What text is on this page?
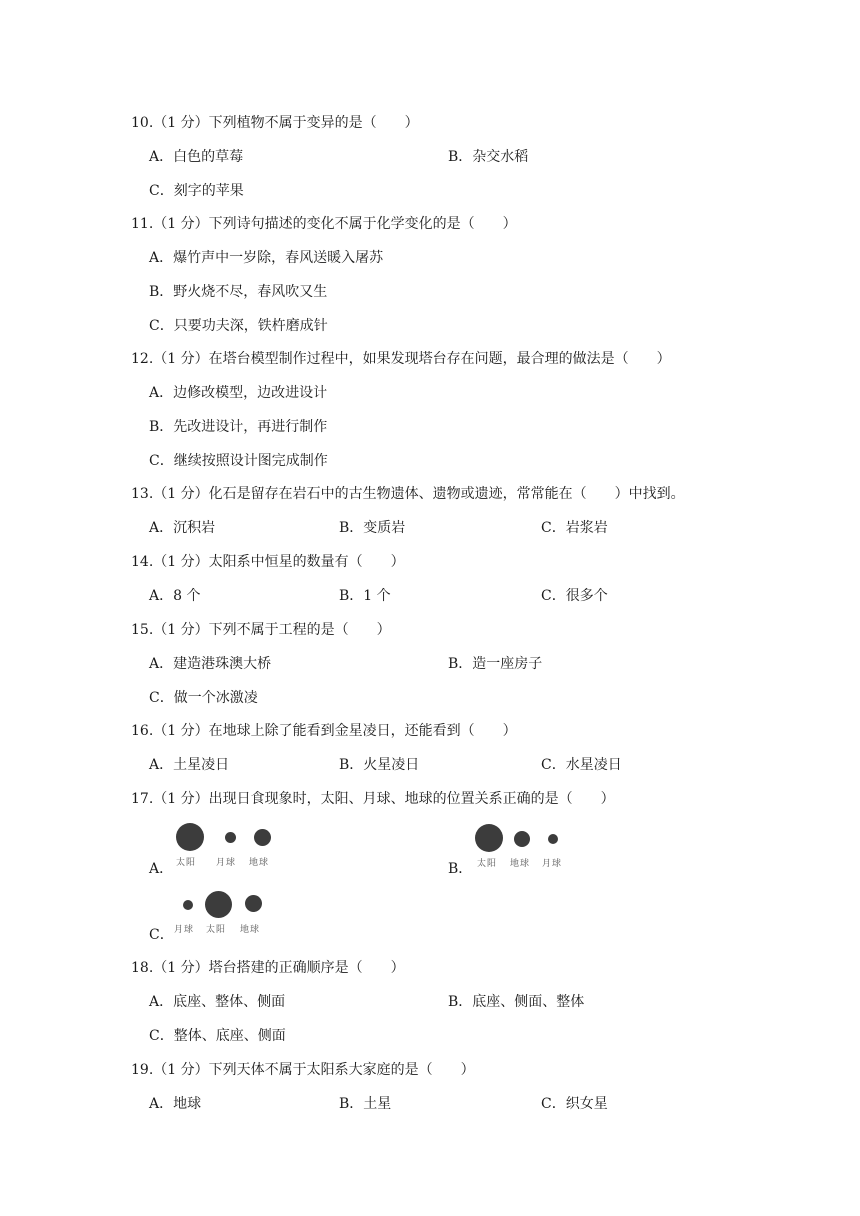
10.（1 分）下列植物不属于变异的是（　　）
A．白色的草莓	B．杂交水稻
C．刻字的苹果
11.（1 分）下列诗句描述的变化不属于化学变化的是（　　）
A．爆竹声中一岁除，春风送暖入屠苏
B．野火烧不尽，春风吹又生
C．只要功夫深，铁杵磨成针
12.（1 分）在塔台模型制作过程中，如果发现塔台存在问题，最合理的做法是（　　）
A．边修改模型，边改进设计
B．先改进设计，再进行制作
C．继续按照设计图完成制作
13.（1 分）化石是留存在岩石中的古生物遗体、遗物或遗迹，常常能在（　　）中找到。
A．沉积岩	B．变质岩	C．岩浆岩
14.（1 分）太阳系中恒星的数量有（　　）
A．8 个	B．1 个	C．很多个
15.（1 分）下列不属于工程的是（　　）
A．建造港珠澳大桥	B．造一座房子
C．做一个冰激凌
16.（1 分）在地球上除了能看到金星凌日，还能看到（　　）
A．土星凌日	B．火星凌日	C．水星凌日
17.（1 分）出现日食现象时，太阳、月球、地球的位置关系正确的是（　　）
A． 太阳 月球 地球	B． 太阳 地球 月球
C． 月球 太阳 地球
18.（1 分）塔台搭建的正确顺序是（　　）
A．底座、整体、侧面	B．底座、侧面、整体
C．整体、底座、侧面
19.（1 分）下列天体不属于太阳系大家庭的是（　　）
A．地球	B．土星	C．织女星
